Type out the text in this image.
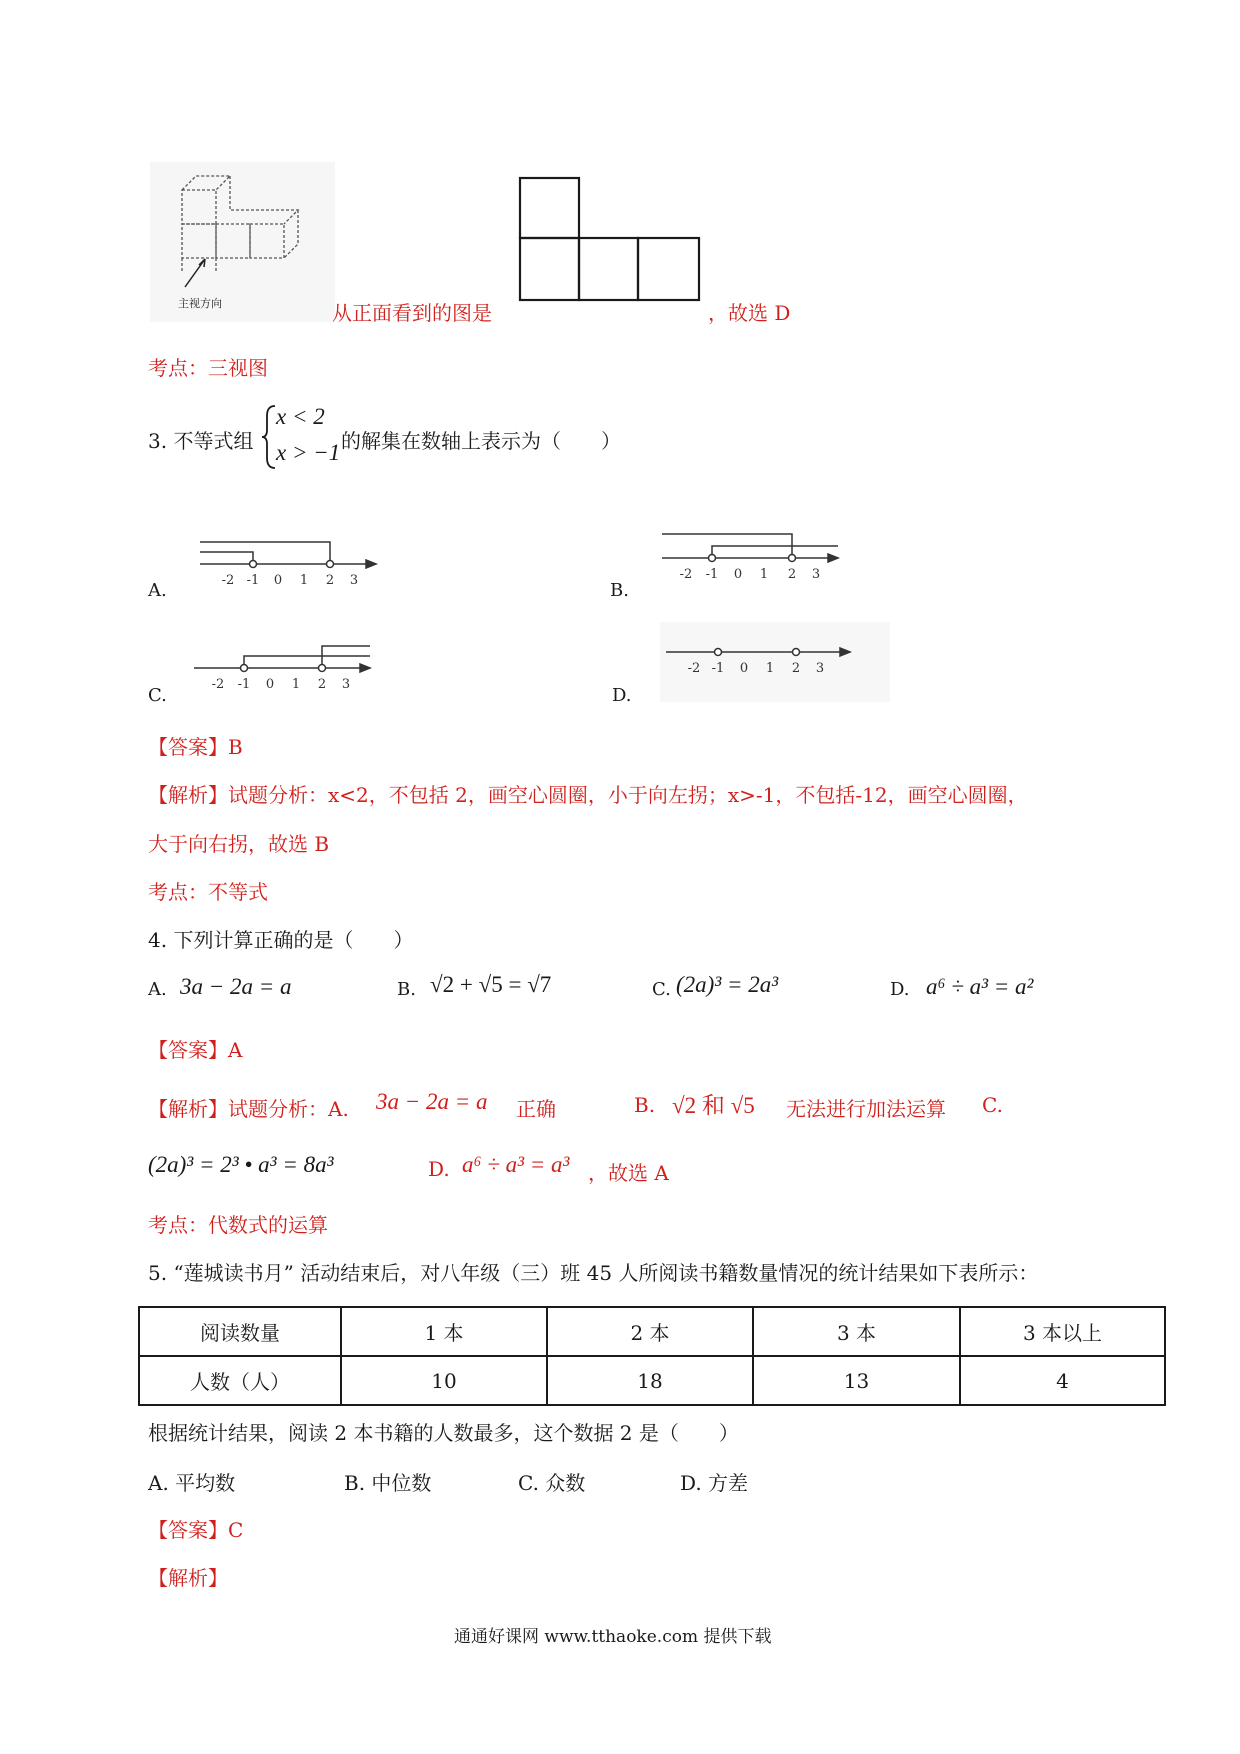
主视方向	从正面看到的图是	，故选 D
考点：三视图
3. 不等式组
x < 2
x > −1 的解集在数轴上表示为（　　）
A.	-2 -1 0 1 2 3	B.
-2 -1 0 1 2 3
C.
-2 -1 0 1 2 3
D.
-2 -1 0 1 2 3
【答案】B
【解析】试题分析：x<2，不包括 2，画空心圆圈，小于向左拐；x>-1，不包括-12，画空心圆圈，
大于向右拐，故选 B
考点：不等式
4. 下列计算正确的是（　　）
A. 3a − 2a = a	B. √2 + √5 = √7	C. (2a)³ = 2a³	D. a⁶ ÷ a³ = a²
【答案】A
【解析】试题分析：A. 3a − 2a = a 正确	B. √2 和 √5 无法进行加法运算 C.
(2a)³ = 2³ • a³ = 8a³	D. a⁶ ÷ a³ = a³ ，故选 A
考点：代数式的运算
5. “莲城读书月” 活动结束后，对八年级（三）班 45 人所阅读书籍数量情况的统计结果如下表所示：
阅读数量	1 本	2 本	3 本	3 本以上
人数（人）	10	18	13	4
根据统计结果，阅读 2 本书籍的人数最多，这个数据 2 是（　　）
A. 平均数	B. 中位数	C. 众数	D. 方差
【答案】C
【解析】
通通好课网 www.tthaoke.com 提供下载
